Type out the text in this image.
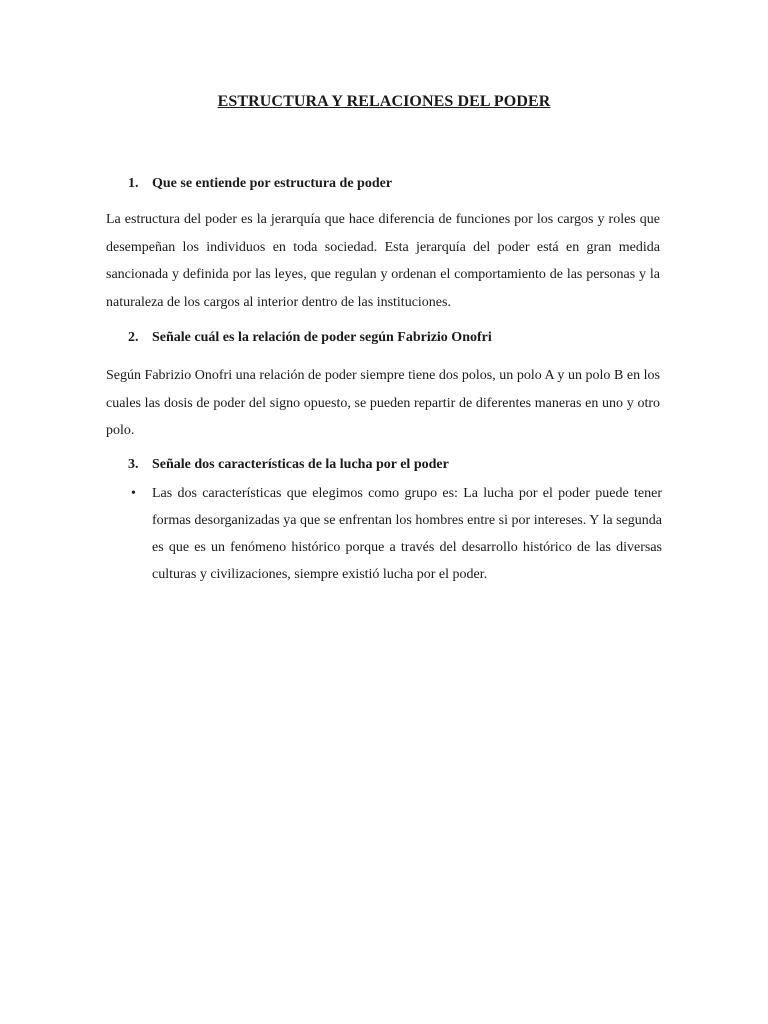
ESTRUCTURA Y RELACIONES DEL PODER
1. Que se entiende por estructura de poder

La estructura del poder es la jerarquía que hace diferencia de funciones por los cargos y roles que desempeñan los individuos en toda sociedad. Esta jerarquía del poder está en gran medida sancionada y definida por las leyes, que regulan y ordenan el comportamiento de las personas y la naturaleza de los cargos al interior dentro de las instituciones.

2. Señale cuál es la relación de poder según Fabrizio Onofri

Según Fabrizio Onofri una relación de poder siempre tiene dos polos, un polo A y un polo B en los cuales las dosis de poder del signo opuesto, se pueden repartir de diferentes maneras en uno y otro polo.

3. Señale dos características de la lucha por el poder
• Las dos características que elegimos como grupo es: La lucha por el poder puede tener formas desorganizadas ya que se enfrentan los hombres entre si por intereses. Y la segunda es que es un fenómeno histórico porque a través del desarrollo histórico de las diversas culturas y civilizaciones, siempre existió lucha por el poder.
